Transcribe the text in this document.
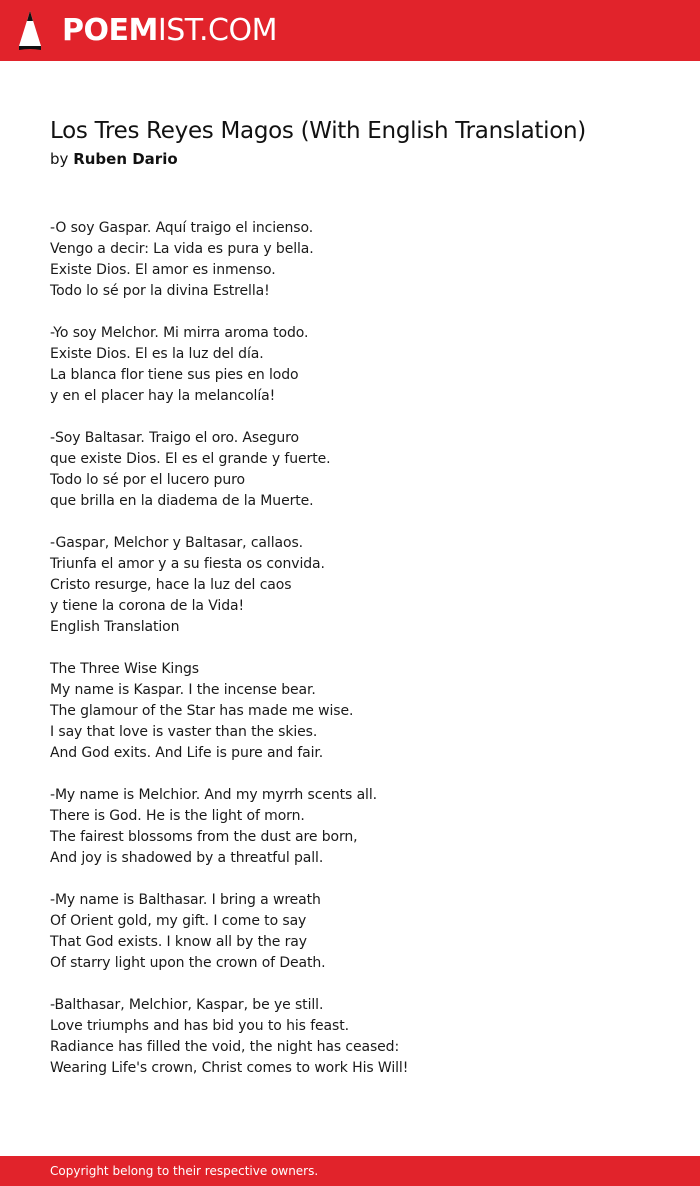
POEMIST.COM
Los Tres Reyes Magos (With English Translation)
by Ruben Dario
-O soy Gaspar. Aquí traigo el incienso.
Vengo a decir: La vida es pura y bella.
Existe Dios. El amor es inmenso.
Todo lo sé por la divina Estrella!
-Yo soy Melchor. Mi mirra aroma todo.
Existe Dios. El es la luz del día.
La blanca flor tiene sus pies en lodo
y en el placer hay la melancolía!
-Soy Baltasar. Traigo el oro. Aseguro
que existe Dios. El es el grande y fuerte.
Todo lo sé por el lucero puro
que brilla en la diadema de la Muerte.
-Gaspar, Melchor y Baltasar, callaos.
Triunfa el amor y a su fiesta os convida.
Cristo resurge, hace la luz del caos
y tiene la corona de la Vida!
English Translation
The Three Wise Kings
My name is Kaspar. I the incense bear.
The glamour of the Star has made me wise.
I say that love is vaster than the skies.
And God exits. And Life is pure and fair.
-My name is Melchior. And my myrrh scents all.
There is God. He is the light of morn.
The fairest blossoms from the dust are born,
And joy is shadowed by a threatful pall.
-My name is Balthasar. I bring a wreath
Of Orient gold, my gift. I come to say
That God exists. I know all by the ray
Of starry light upon the crown of Death.
-Balthasar, Melchior, Kaspar, be ye still.
Love triumphs and has bid you to his feast.
Radiance has filled the void, the night has ceased:
Wearing Life's crown, Christ comes to work His Will!
Copyright belong to their respective owners.
